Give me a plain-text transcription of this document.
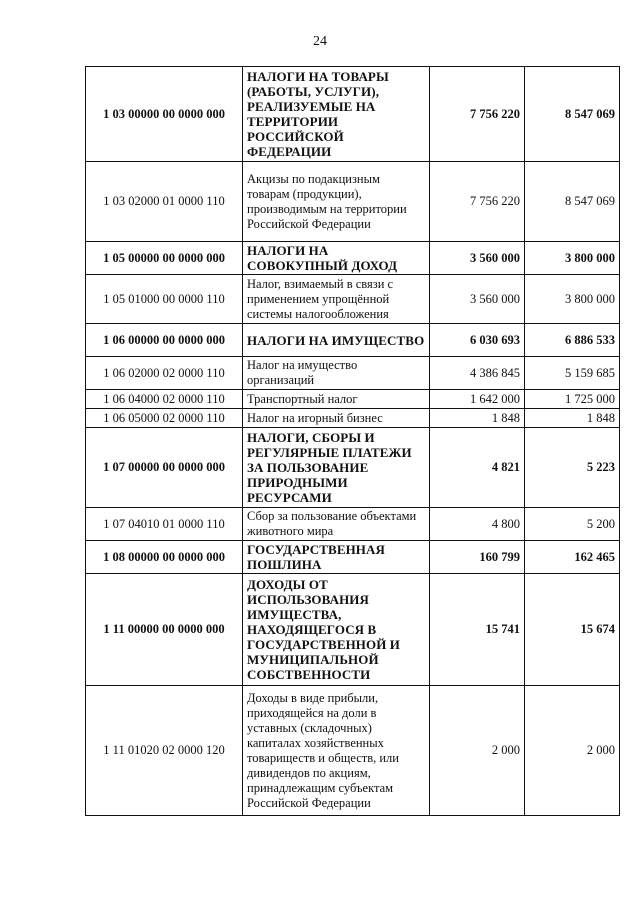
24
1 03 00000 00 0000 000	НАЛОГИ НА ТОВАРЫ (РАБОТЫ, УСЛУГИ), РЕАЛИЗУЕМЫЕ НА ТЕРРИТОРИИ РОССИЙСКОЙ ФЕДЕРАЦИИ	7 756 220	8 547 069
1 03 02000 01 0000 110	Акцизы по подакцизным товарам (продукции), производимым на территории Российской Федерации	7 756 220	8 547 069
1 05 00000 00 0000 000	НАЛОГИ НА СОВОКУПНЫЙ ДОХОД	3 560 000	3 800 000
1 05 01000 00 0000 110	Налог, взимаемый в связи с применением упрощённой системы налогообложения	3 560 000	3 800 000
1 06 00000 00 0000 000	НАЛОГИ НА ИМУЩЕСТВО	6 030 693	6 886 533
1 06 02000 02 0000 110	Налог на имущество организаций	4 386 845	5 159 685
1 06 04000 02 0000 110	Транспортный налог	1 642 000	1 725 000
1 06 05000 02 0000 110	Налог на игорный бизнес	1 848	1 848
1 07 00000 00 0000 000	НАЛОГИ, СБОРЫ И РЕГУЛЯРНЫЕ ПЛАТЕЖИ ЗА ПОЛЬЗОВАНИЕ ПРИРОДНЫМИ РЕСУРСАМИ	4 821	5 223
1 07 04010 01 0000 110	Сбор за пользование объектами животного мира	4 800	5 200
1 08 00000 00 0000 000	ГОСУДАРСТВЕННАЯ ПОШЛИНА	160 799	162 465
1 11 00000 00 0000 000	ДОХОДЫ ОТ ИСПОЛЬЗОВАНИЯ ИМУЩЕСТВА, НАХОДЯЩЕГОСЯ В ГОСУДАРСТВЕННОЙ И МУНИЦИПАЛЬНОЙ СОБСТВЕННОСТИ	15 741	15 674
1 11 01020 02 0000 120	Доходы в виде прибыли, приходящейся на доли в уставных (складочных) капиталах хозяйственных товариществ и обществ, или дивидендов по акциям, принадлежащим субъектам Российской Федерации	2 000	2 000
